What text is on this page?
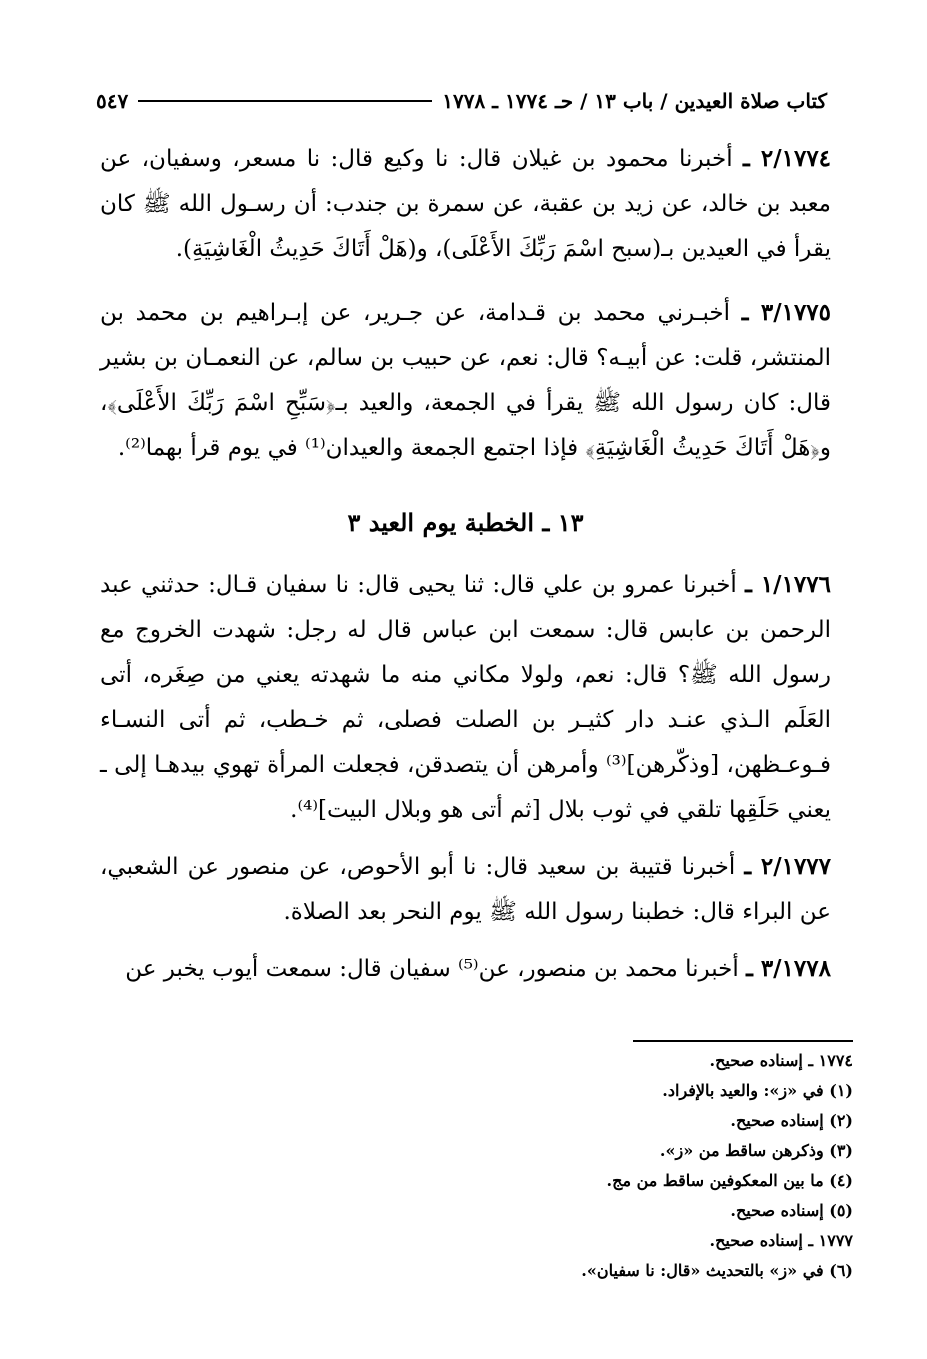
كتاب صلاة العيدين / باب ١٣ / حـ ١٧٧٤ ـ ١٧٧٨
٥٤٧
٢/١٧٧٤ ـ أخبرنا محمود بن غيلان قال: نا وكيع قال: نا مسعر، وسفيان، عن معبد بن خالد، عن زيد بن عقبة، عن سمرة بن جندب: أن رسـول الله ﷺ كان يقرأ في العيدين بـ(سبح اسْمَ رَبِّكَ الأَعْلَى)، و(هَلْ أَتَاكَ حَدِيثُ الْغَاشِيَةِ).
٣/١٧٧٥ ـ أخبـرني محمد بن قـدامة، عن جـرير، عن إبـراهيم بن محمد بن المنتشر، قلت: عن أبيـه؟ قال: نعم، عن حبيب بن سالم، عن النعمـان بن بشير قال: كان رسول الله ﷺ يقرأ في الجمعة، والعيد بـ﴿سَبِّحِ اسْمَ رَبِّكَ الأَعْلَى﴾، و﴿هَلْ أَتَاكَ حَدِيثُ الْغَاشِيَةِ﴾ فإذا اجتمع الجمعة والعيدان⁽¹⁾ في يوم قرأ بهما⁽²⁾.
١٣ ـ الخطبة يوم العيد ٣
١/١٧٧٦ ـ أخبرنا عمرو بن علي قال: ثنا يحيى قال: نا سفيان قـال: حدثني عبد الرحمن بن عابس قال: سمعت ابن عباس قال له رجل: شهدت الخروج مع رسول الله ﷺ؟ قال: نعم، ولولا مكاني منه ما شهدته يعني من صِغَره، أتى العَلَم الـذي عنـد دار كثيـر بن الصلت فصلى، ثم خـطب، ثم أتى النسـاء فـوعـظهن، [وذكّرهن]⁽³⁾ وأمرهن أن يتصدقن، فجعلت المرأة تهوي بيدهـا إلى ـ يعني حَلَقِها تلقي في ثوب بلال [ثم أتى هو وبلال البيت]⁽⁴⁾.
٢/١٧٧٧ ـ أخبرنا قتيبة بن سعيد قال: نا أبو الأحوص، عن منصور عن الشعبي، عن البراء قال: خطبنا رسول الله ﷺ يوم النحر بعد الصلاة.
٣/١٧٧٨ ـ أخبرنا محمد بن منصور، عن⁽⁵⁾ سفيان قال: سمعت أيوب يخبر عن
١٧٧٤ ـ إسناده صحيح.
(١) في «ز»: والعيد بالإفراد.
(٢) إسناده صحيح.
(٣) وذكرهن ساقط من «ز».
(٤) ما بين المعكوفين ساقط من مج.
(٥) إسناده صحيح.
١٧٧٧ ـ إسناده صحيح.
(٦) في «ز» بالتحديث «قال: نا سفيان».
